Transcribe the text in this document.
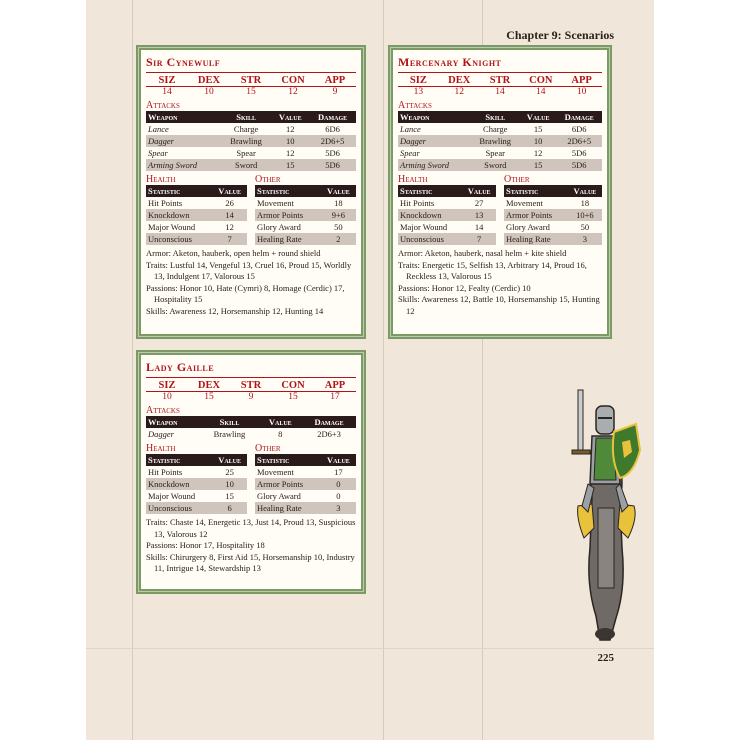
Chapter 9: Scenarios
Sir Cynewulf
SIZ
14
DEX
10
STR
15
CON
12
APP
9
Attacks
Weapon	Skill	Value	Damage
Lance	Charge	12	6D6
Dagger	Brawling	10	2D6+5
Spear	Spear	12	5D6
Arming Sword	Sword	15	5D6
Health
Statistic	Value
Hit Points	26
Knockdown	14
Major Wound	12
Unconscious	7
Other
Statistic	Value
Movement	18
Armor Points	9+6
Glory Award	50
Healing Rate	2

Armor: Aketon, hauberk, open helm + round shield

Traits: Lustful 14, Vengeful 13, Cruel 16, Proud 15, Worldly 13, Indulgent 17, Valorous 15

Passions: Honor 10, Hate (Cymri) 8, Homage (Cerdic) 17, Hospitality 15

Skills: Awareness 12, Horsemanship 12, Hunting 14

Mercenary Knight
SIZ
13
DEX
12
STR
14
CON
14
APP
10
Attacks
Weapon	Skill	Value	Damage
Lance	Charge	15	6D6
Dagger	Brawling	10	2D6+5
Spear	Spear	12	5D6
Arming Sword	Sword	15	5D6
Health
Statistic	Value
Hit Points	27
Knockdown	13
Major Wound	14
Unconscious	7
Other
Statistic	Value
Movement	18
Armor Points	10+6
Glory Award	50
Healing Rate	3

Armor: Aketon, hauberk, nasal helm + kite shield

Traits: Energetic 15, Selfish 13, Arbitrary 14, Proud 16, Reckless 13, Valorous 15

Passions: Honor 12, Fealty (Cerdic) 10

Skills: Awareness 12, Battle 10, Horsemanship 15, Hunting 12

Lady Gaille
SIZ
10
DEX
15
STR
9
CON
15
APP
17
Attacks
Weapon	Skill	Value	Damage
Dagger	Brawling	8	2D6+3
Health
Statistic	Value
Hit Points	25
Knockdown	10
Major Wound	15
Unconscious	6
Other
Statistic	Value
Movement	17
Armor Points	0
Glory Award	0
Healing Rate	3

Traits: Chaste 14, Energetic 13, Just 14, Proud 13, Suspicious 13, Valorous 12

Passions: Honor 17, Hospitality 18

Skills: Chirurgery 8, First Aid 15, Horsemanship 10, Industry 11, Intrigue 14, Stewardship 13

225
